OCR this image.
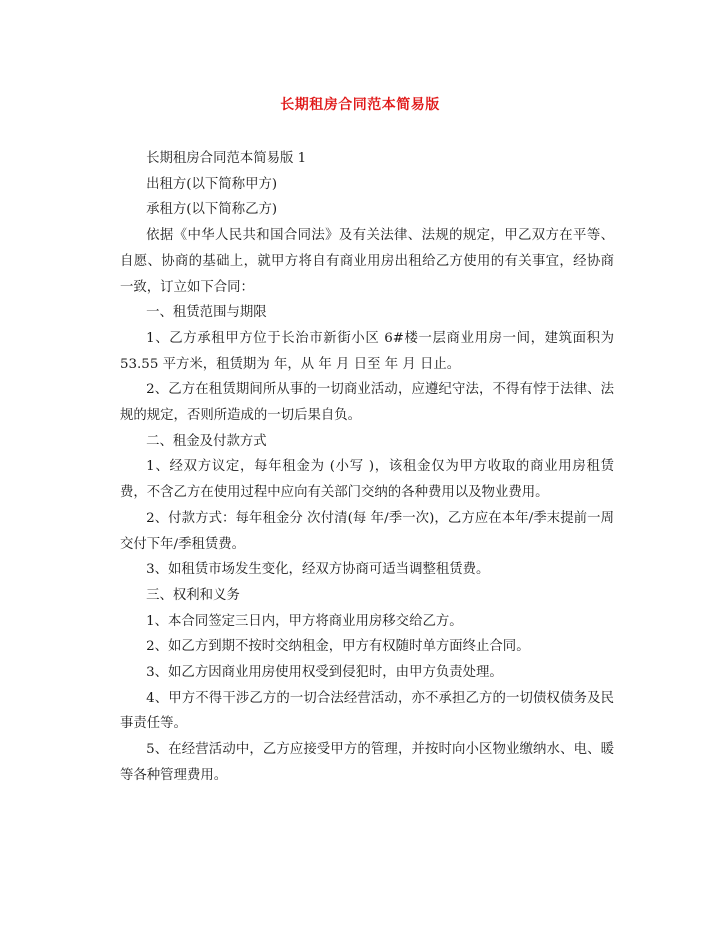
长期租房合同范本简易版

长期租房合同范本简易版 1

出租方(以下简称甲方)

承租方(以下简称乙方)

依据《中华人民共和国合同法》及有关法律、法规的规定，甲乙双方在平等、自愿、协商的基础上，就甲方将自有商业用房出租给乙方使用的有关事宜，经协商一致，订立如下合同：

一、租赁范围与期限

1、乙方承租甲方位于长治市新街小区 6#楼一层商业用房一间，建筑面积为 53.55 平方米，租赁期为 年，从 年 月 日至 年 月 日止。

2、乙方在租赁期间所从事的一切商业活动，应遵纪守法，不得有悖于法律、法规的规定，否则所造成的一切后果自负。

二、租金及付款方式

1、经双方议定，每年租金为 (小写 )，该租金仅为甲方收取的商业用房租赁费，不含乙方在使用过程中应向有关部门交纳的各种费用以及物业费用。

2、付款方式：每年租金分 次付清(每 年/季一次)，乙方应在本年/季末提前一周交付下年/季租赁费。

3、如租赁市场发生变化，经双方协商可适当调整租赁费。

三、权利和义务

1、本合同签定三日内，甲方将商业用房移交给乙方。

2、如乙方到期不按时交纳租金，甲方有权随时单方面终止合同。

3、如乙方因商业用房使用权受到侵犯时，由甲方负责处理。

4、甲方不得干涉乙方的一切合法经营活动，亦不承担乙方的一切债权债务及民事责任等。

5、在经营活动中，乙方应接受甲方的管理，并按时向小区物业缴纳水、电、暖等各种管理费用。
